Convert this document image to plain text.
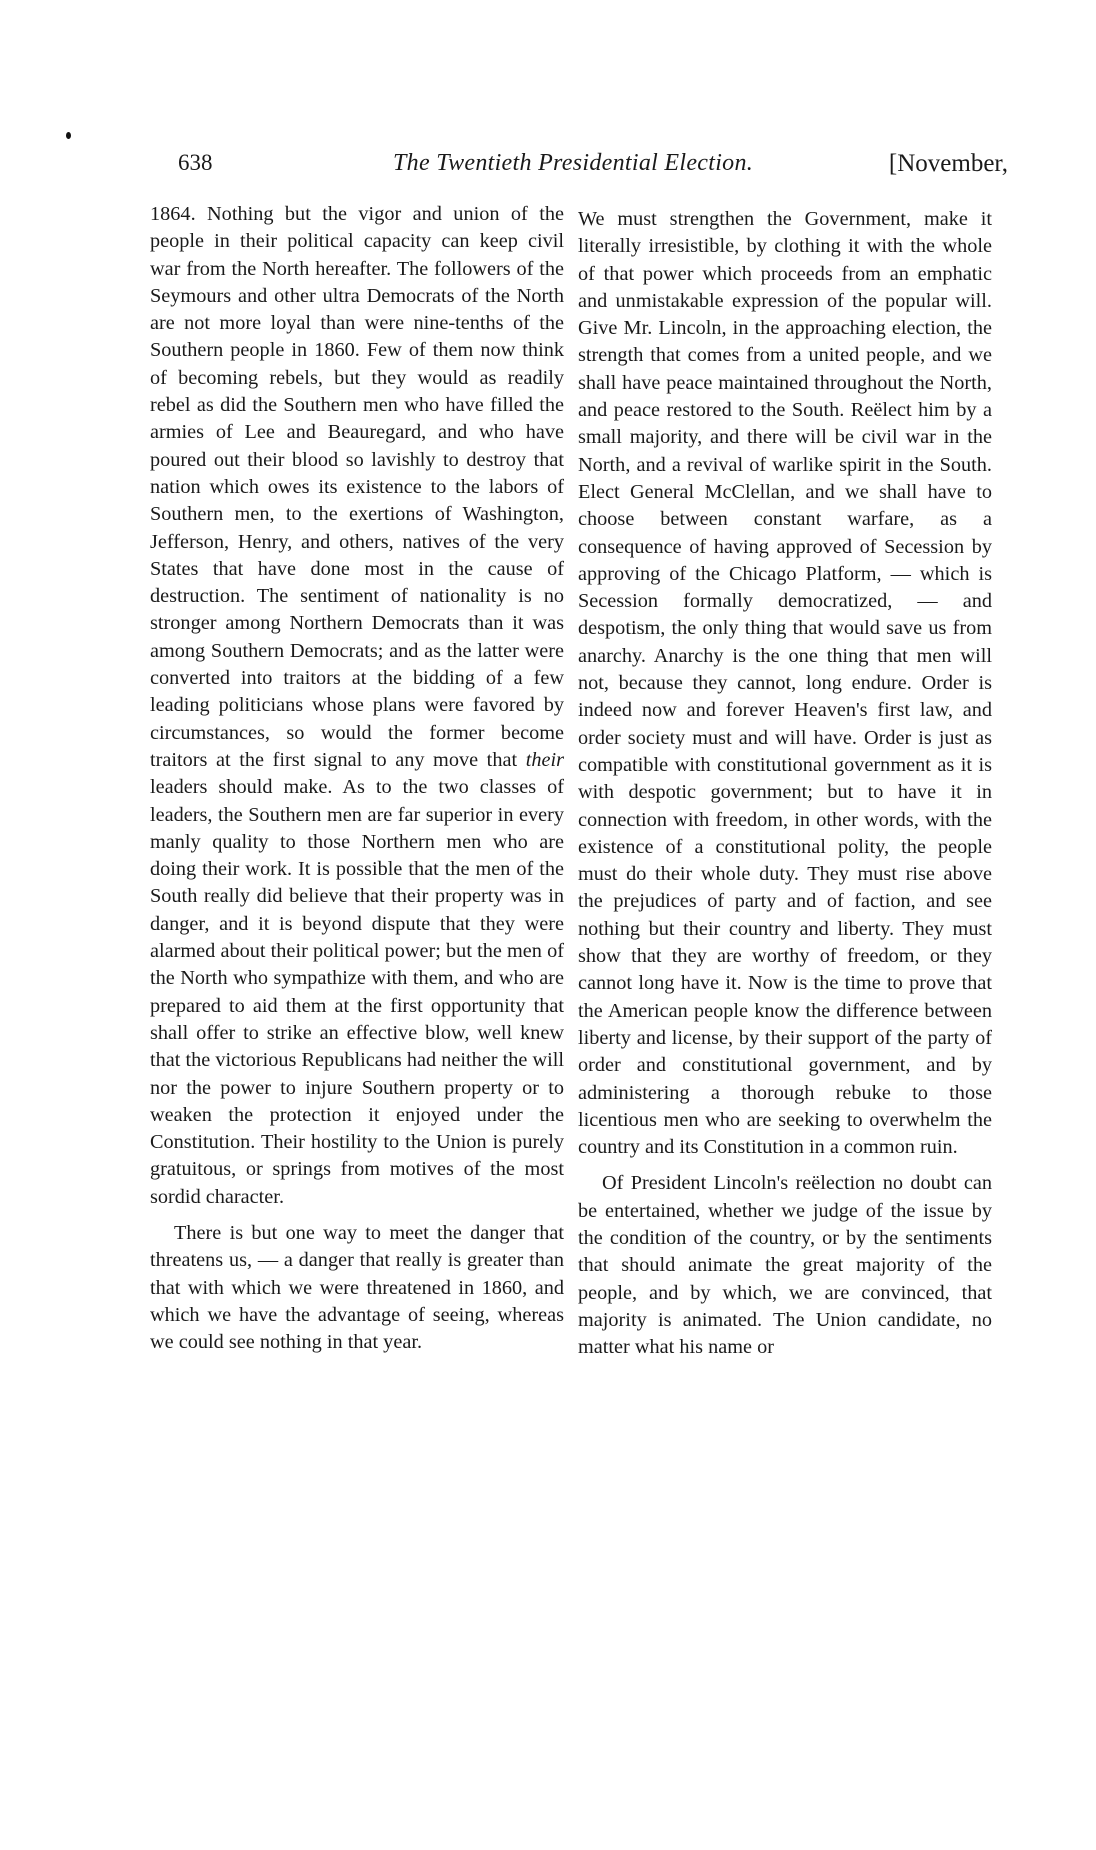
638	The Twentieth Presidential Election.	[November,

1864. Nothing but the vigor and union of the people in their political capacity can keep civil war from the North hereafter. The followers of the Seymours and other ultra Democrats of the North are not more loyal than were nine-tenths of the Southern people in 1860. Few of them now think of becoming rebels, but they would as readily rebel as did the Southern men who have filled the armies of Lee and Beauregard, and who have poured out their blood so lavishly to destroy that nation which owes its existence to the labors of Southern men, to the exertions of Washington, Jefferson, Henry, and others, natives of the very States that have done most in the cause of destruction. The sentiment of nationality is no stronger among Northern Democrats than it was among Southern Democrats; and as the latter were converted into traitors at the bidding of a few leading politicians whose plans were favored by circumstances, so would the former become traitors at the first signal to any move that their leaders should make. As to the two classes of leaders, the Southern men are far superior in every manly quality to those Northern men who are doing their work. It is possible that the men of the South really did believe that their property was in danger, and it is beyond dispute that they were alarmed about their political power; but the men of the North who sympathize with them, and who are prepared to aid them at the first opportunity that shall offer to strike an effective blow, well knew that the victorious Republicans had neither the will nor the power to injure Southern property or to weaken the protection it enjoyed under the Constitution. Their hostility to the Union is purely gratuitous, or springs from motives of the most sordid character.

There is but one way to meet the danger that threatens us, — a danger that really is greater than that with which we were threatened in 1860, and which we have the advantage of seeing, whereas we could see nothing in that year.

We must strengthen the Government, make it literally irresistible, by clothing it with the whole of that power which proceeds from an emphatic and unmistakable expression of the popular will. Give Mr. Lincoln, in the approaching election, the strength that comes from a united people, and we shall have peace maintained throughout the North, and peace restored to the South. Reëlect him by a small majority, and there will be civil war in the North, and a revival of warlike spirit in the South. Elect General McClellan, and we shall have to choose between constant warfare, as a consequence of having approved of Secession by approving of the Chicago Platform, — which is Secession formally democratized, — and despotism, the only thing that would save us from anarchy. Anarchy is the one thing that men will not, because they cannot, long endure. Order is indeed now and forever Heaven's first law, and order society must and will have. Order is just as compatible with constitutional government as it is with despotic government; but to have it in connection with freedom, in other words, with the existence of a constitutional polity, the people must do their whole duty. They must rise above the prejudices of party and of faction, and see nothing but their country and liberty. They must show that they are worthy of freedom, or they cannot long have it. Now is the time to prove that the American people know the difference between liberty and license, by their support of the party of order and constitutional government, and by administering a thorough rebuke to those licentious men who are seeking to overwhelm the country and its Constitution in a common ruin.

Of President Lincoln's reëlection no doubt can be entertained, whether we judge of the issue by the condition of the country, or by the sentiments that should animate the great majority of the people, and by which, we are convinced, that majority is animated. The Union candidate, no matter what his name or
